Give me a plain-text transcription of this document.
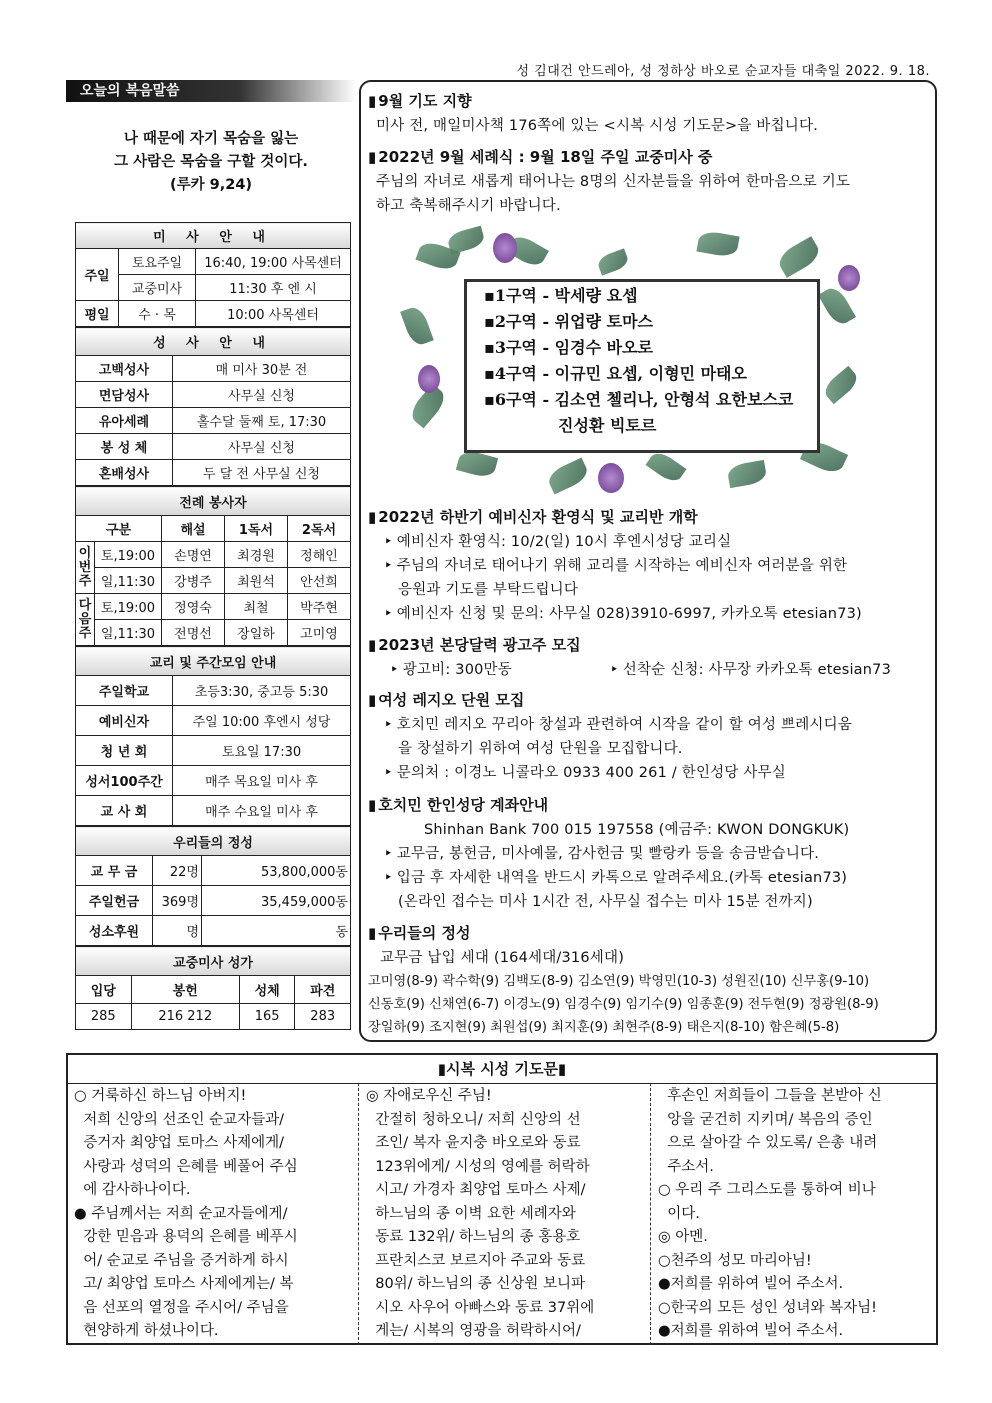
성 김대건 안드레아, 성 정하상 바오로 순교자들 대축일 2022. 9. 18.
오늘의 복음말씀
나 때문에 자기 목숨을 잃는
그 사람은 목숨을 구할 것이다.
(루카 9,24)
미 사 안 내		
주일	토요주일	16:40, 19:00 사목센터
	교중미사	11:30 후 엔 시
평일	수 · 목	10:00 사목센터
성 사 안 내	
고백성사	매 미사 30분 전
면담성사	사무실 신청
유아세례	홀수달 둘째 토, 17:30
봉 성 체	사무실 신청
혼배성사	두 달 전 사무실 신청
전례 봉사자				
구분		해설	1독서	2독서
이번주	토,19:00	손명연	최경원	정해인
	일,11:30	강병주	최원석	안선희
다음주	토,19:00	정영숙	최철	박주현
	일,11:30	전명선	장일하	고미영
교리 및 주간모임 안내	
주일학교	초등3:30, 중고등 5:30
예비신자	주일 10:00 후엔시 성당
청 년 회	토요일 17:30
성서100주간	매주 목요일 미사 후
교 사 회	매주 수요일 미사 후
우리들의 정성		
교 무 금	22명	53,800,000동
주일헌금	369명	35,459,000동
성소후원	명	동
교중미사 성가			
입당	봉헌	성체	파견
285	216 212	165	283
▮ 9월 기도 지향
미사 전, 매일미사책 176쪽에 있는 <시복 시성 기도문>을 바칩니다.
▮ 2022년 9월 세례식 : 9월 18일 주일 교중미사 중
주님의 자녀로 새롭게 태어나는 8명의 신자분들을 위하여 한마음으로 기도
하고 축복해주시기 바랍니다.
▪1구역 - 박세량 요셉
▪2구역 - 위업량 토마스
▪3구역 - 임경수 바오로
▪4구역 - 이규민 요셉, 이형민 마태오
▪6구역 - 김소연 첼리나, 안형석 요한보스코
진성환 빅토르
▮ 2022년 하반기 예비신자 환영식 및 교리반 개학
‣ 예비신자 환영식: 10/2(일) 10시 후엔시성당 교리실
‣ 주님의 자녀로 태어나기 위해 교리를 시작하는 예비신자 여러분을 위한
응원과 기도를 부탁드립니다
‣ 예비신자 신청 및 문의: 사무실 028)3910-6997, 카카오톡 etesian73)
▮ 2023년 본당달력 광고주 모집
‣ 광고비: 300만동	‣ 선착순 신청: 사무장 카카오톡 etesian73
▮ 여성 레지오 단원 모집
‣ 호치민 레지오 꾸리아 창설과 관련하여 시작을 같이 할 여성 쁘레시디움
을 창설하기 위하여 여성 단원을 모집합니다.
‣ 문의처 : 이경노 니콜라오 0933 400 261 / 한인성당 사무실
▮ 호치민 한인성당 계좌안내
Shinhan Bank 700 015 197558 (예금주: KWON DONGKUK)
‣ 교무금, 봉헌금, 미사예물, 감사헌금 및 빨랑카 등을 송금받습니다.
‣ 입금 후 자세한 내역을 반드시 카톡으로 알려주세요.(카톡 etesian73)
(온라인 접수는 미사 1시간 전, 사무실 접수는 미사 15분 전까지)
▮ 우리들의 정성
교무금 납입 세대 (164세대/316세대)
고미영(8-9) 곽수학(9) 김백도(8-9) 김소연(9) 박영민(10-3) 성원진(10) 신무홍(9-10)
신동호(9) 신채연(6-7) 이경노(9) 임경수(9) 임기수(9) 임종훈(9) 전두현(9) 정광원(8-9)
장일하(9) 조지현(9) 최원섭(9) 최지훈(9) 최현주(8-9) 태은지(8-10) 함은혜(5-8)
▮시복 시성 기도문▮
○ 거룩하신 하느님 아버지!
저희 신앙의 선조인 순교자들과/
증거자 최양업 토마스 사제에게/
사랑과 성덕의 은혜를 베풀어 주심
에 감사하나이다.
● 주님께서는 저희 순교자들에게/
강한 믿음과 용덕의 은혜를 베푸시
어/ 순교로 주님을 증거하게 하시
고/ 최양업 토마스 사제에게는/ 복
음 선포의 열정을 주시어/ 주님을
현양하게 하셨나이다.
◎ 자애로우신 주님!
간절히 청하오니/ 저희 신앙의 선
조인/ 복자 윤지충 바오로와 동료
123위에게/ 시성의 영예를 허락하
시고/ 가경자 최양업 토마스 사제/
하느님의 종 이벽 요한 세례자와
동료 132위/ 하느님의 종 홍용호
프란치스코 보르지아 주교와 동료
80위/ 하느님의 종 신상원 보니파
시오 사우어 아빠스와 동료 37위에
게는/ 시복의 영광을 허락하시어/
후손인 저희들이 그들을 본받아 신
앙을 굳건히 지키며/ 복음의 증인
으로 살아갈 수 있도록/ 은총 내려
주소서.
○ 우리 주 그리스도를 통하여 비나
이다.
◎ 아멘.
○천주의 성모 마리아님!
●저희를 위하여 빌어 주소서.
○한국의 모든 성인 성녀와 복자님!
●저희를 위하여 빌어 주소서.
